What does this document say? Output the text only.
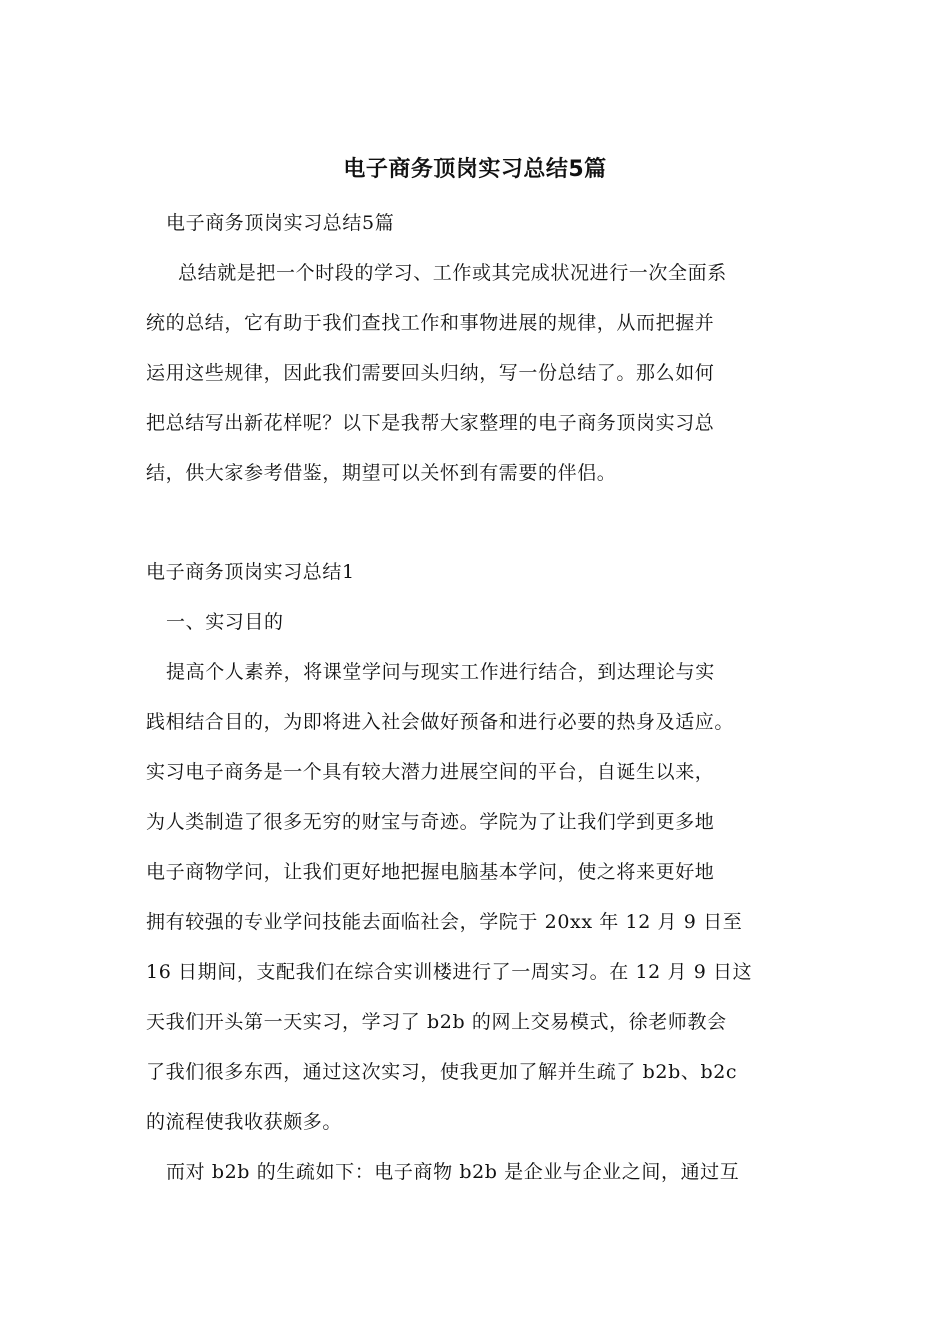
电子商务顶岗实习总结5篇
电子商务顶岗实习总结5篇
总结就是把一个时段的学习、工作或其完成状况进行一次全面系
统的总结，它有助于我们查找工作和事物进展的规律，从而把握并
运用这些规律，因此我们需要回头归纳，写一份总结了。那么如何
把总结写出新花样呢？以下是我帮大家整理的电子商务顶岗实习总
结，供大家参考借鉴，期望可以关怀到有需要的伴侣。
电子商务顶岗实习总结1
一、实习目的
提高个人素养，将课堂学问与现实工作进行结合，到达理论与实
践相结合目的，为即将进入社会做好预备和进行必要的热身及适应。
实习电子商务是一个具有较大潜力进展空间的平台，自诞生以来，
为人类制造了很多无穷的财宝与奇迹。学院为了让我们学到更多地
电子商物学问，让我们更好地把握电脑基本学问，使之将来更好地
拥有较强的专业学问技能去面临社会，学院于 20xx 年 12 月 9 日至
16 日期间，支配我们在综合实训楼进行了一周实习。在 12 月 9 日这
天我们开头第一天实习，学习了 b2b 的网上交易模式，徐老师教会
了我们很多东西，通过这次实习，使我更加了解并生疏了 b2b、b2c
的流程使我收获颇多。
而对 b2b 的生疏如下：电子商物 b2b 是企业与企业之间，通过互
